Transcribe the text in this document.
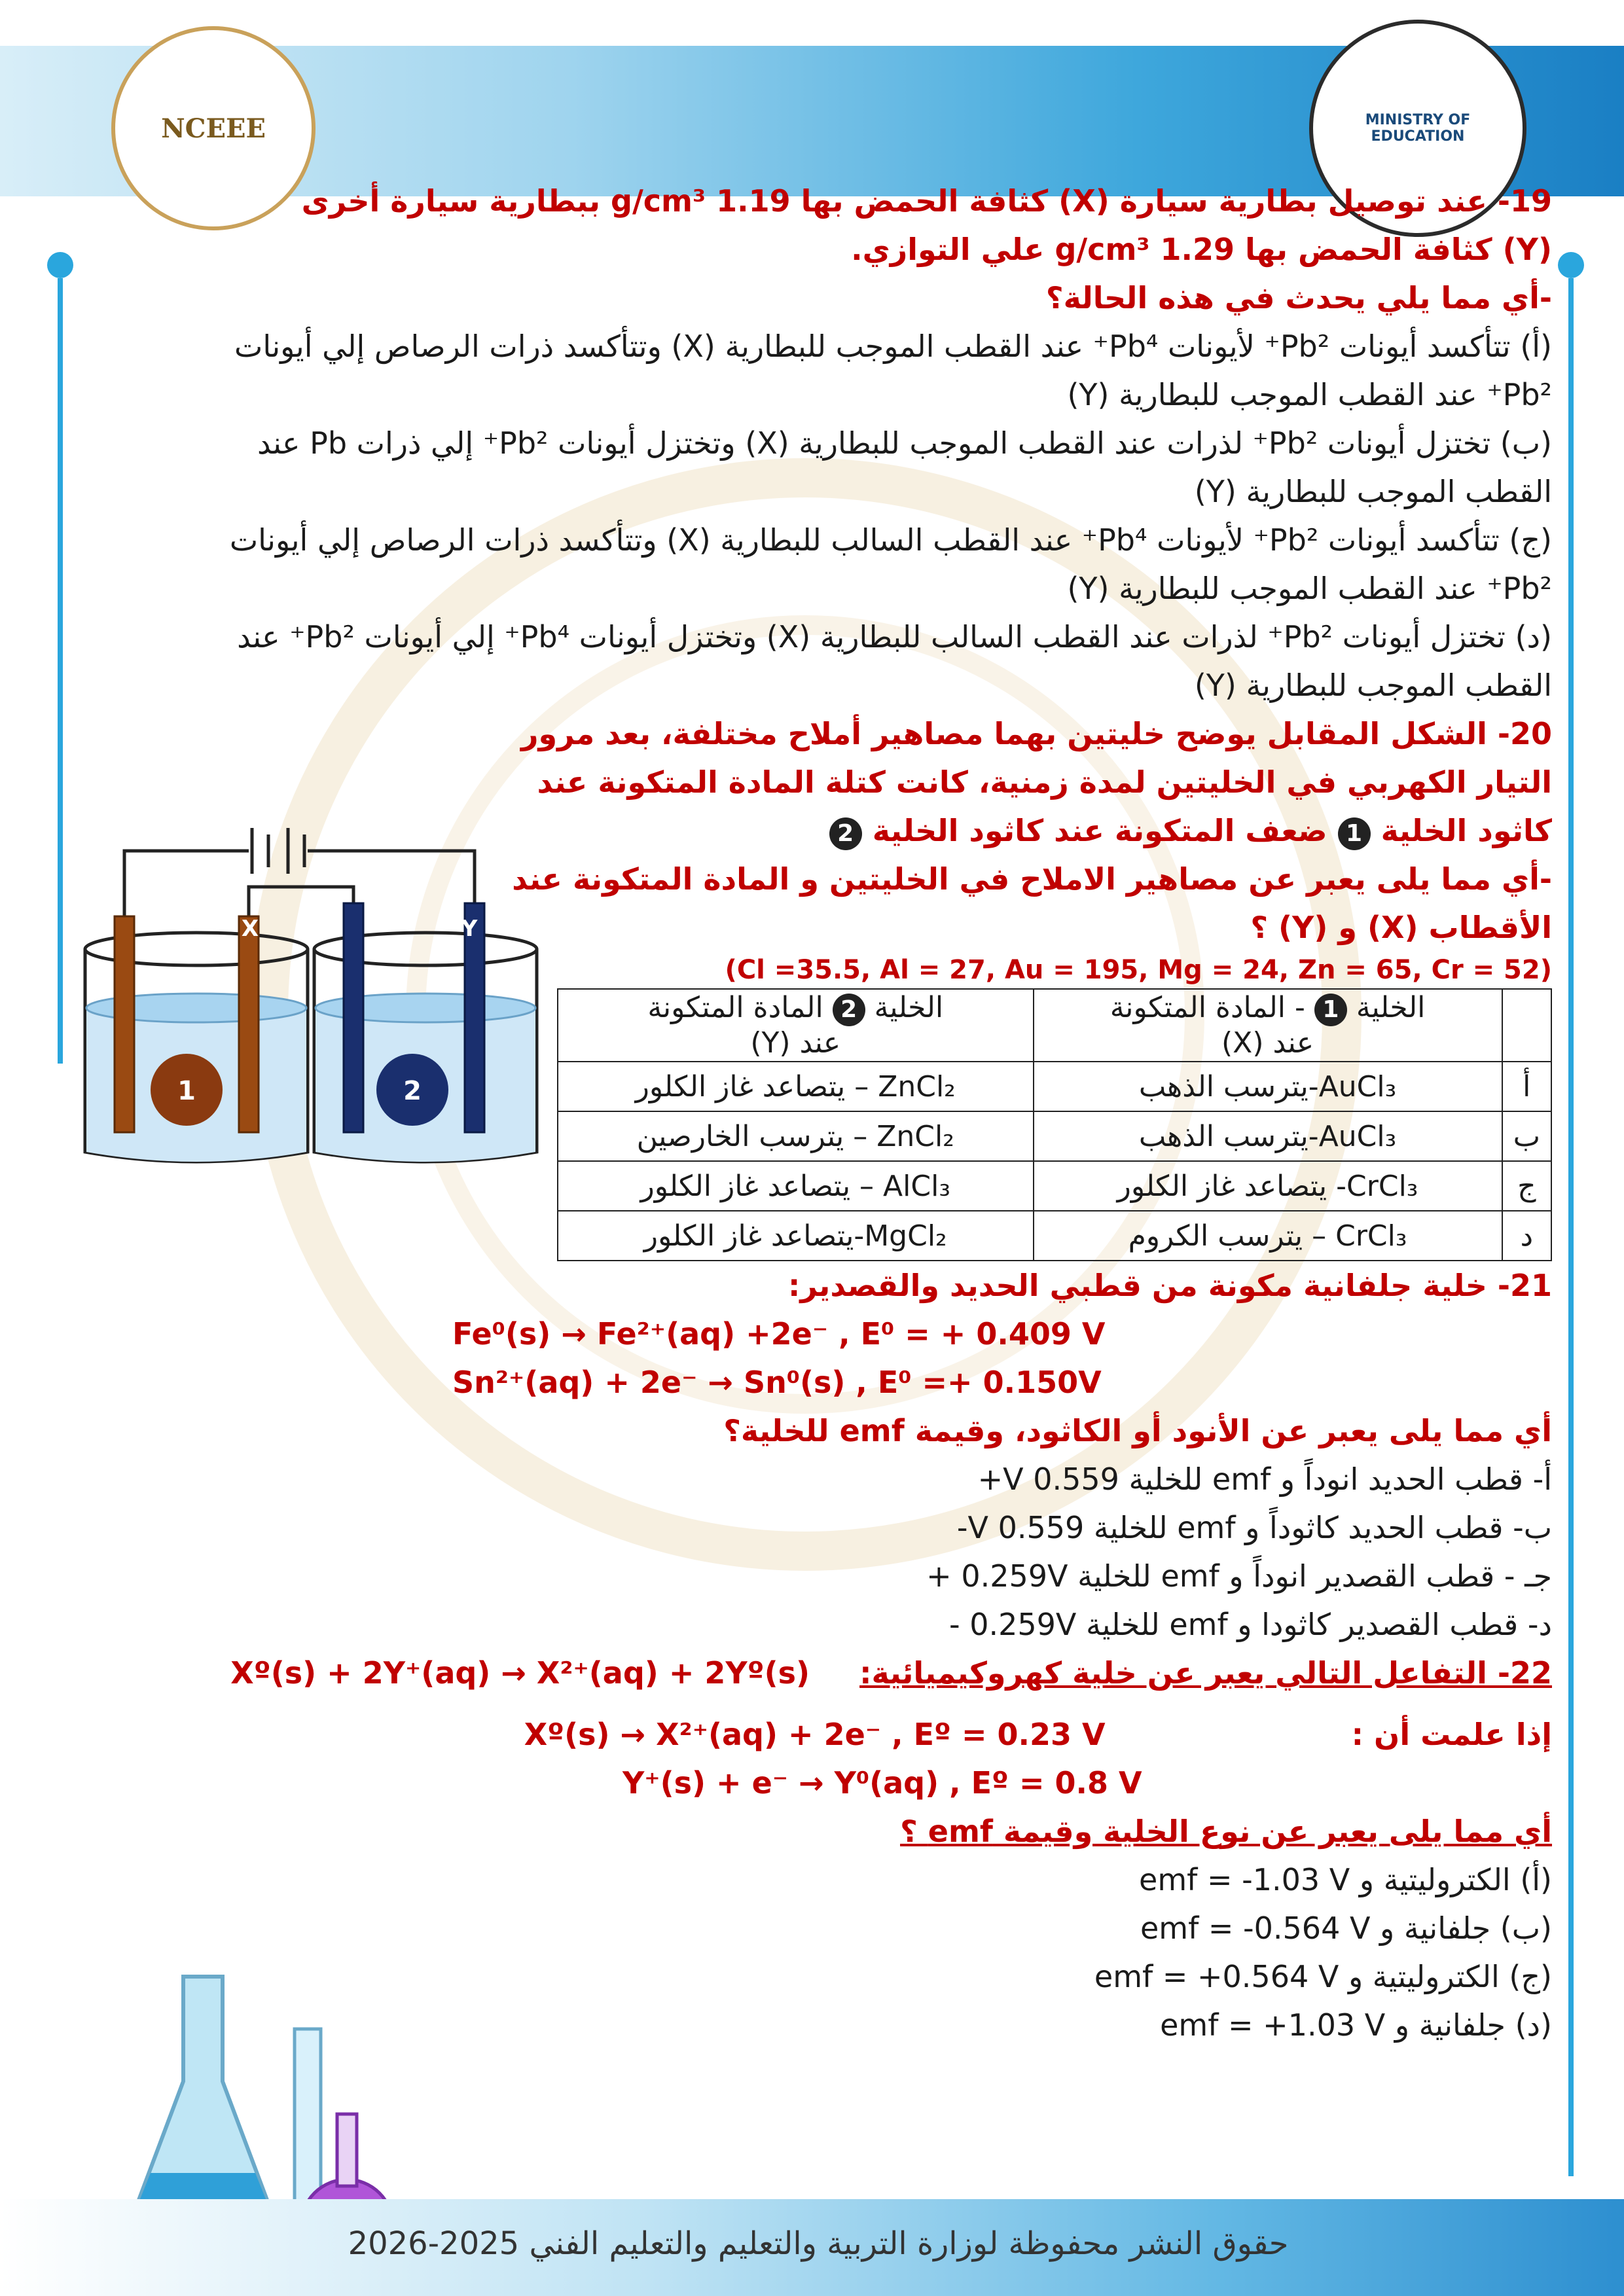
NCEEE	MINISTRY OF EDUCATION
1	2
X	Y
19- عند توصيل بطارية سيارة (X) كثافة الحمض بها 1.19 g/cm³ ببطارية سيارة أخرى
(Y) كثافة الحمض بها 1.29 g/cm³ علي التوازي.
-أي مما يلي يحدث في هذه الحالة؟
(أ) تتأكسد أيونات Pb²⁺ لأيونات Pb⁴⁺ عند القطب الموجب للبطارية (X) وتتأكسد ذرات الرصاص إلي أيونات
Pb²⁺ عند القطب الموجب للبطارية (Y)
(ب) تختزل أيونات Pb²⁺ لذرات عند القطب الموجب للبطارية (X) وتختزل أيونات Pb²⁺ إلي ذرات Pb عند
القطب الموجب للبطارية (Y)
(ج) تتأكسد أيونات Pb²⁺ لأيونات Pb⁴⁺ عند القطب السالب للبطارية (X) وتتأكسد ذرات الرصاص إلي أيونات
Pb²⁺ عند القطب الموجب للبطارية (Y)
(د) تختزل أيونات Pb²⁺ لذرات عند القطب السالب للبطارية (X) وتختزل أيونات Pb⁴⁺ إلي أيونات Pb²⁺ عند
القطب الموجب للبطارية (Y)
20- الشكل المقابل يوضح خليتين بهما مصاهير أملاح مختلفة، بعد مرور
التيار الكهربي في الخليتين لمدة زمنية، كانت كتلة المادة المتكونة عند
كاثود الخلية 1 ضعف المتكونة عند كاثود الخلية 2
-أي مما يلى يعبر عن مصاهير الاملاح في الخليتين و المادة المتكونة عند
الأقطاب (X) و (Y) ؟
(Cl =35.5, Al = 27, Au = 195, Mg = 24, Zn = 65, Cr = 52)
	الخلية 1 - المادة المتكونة
عند (X)	الخلية 2 المادة المتكونة
عند (Y)
أ	AuCl₃-يترسب الذهب	ZnCl₂ – يتصاعد غاز الكلور
ب	AuCl₃-يترسب الذهب	ZnCl₂ – يترسب الخارصين
ج	CrCl₃- يتصاعد غاز الكلور	AlCl₃ – يتصاعد غاز الكلور
د	CrCl₃ – يترسب الكروم	MgCl₂-يتصاعد غاز الكلور
21- خلية جلفانية مكونة من قطبي الحديد والقصدير:
Fe⁰(s) → Fe²⁺(aq) +2e⁻ , E⁰ = + 0.409 V
Sn²⁺(aq) + 2e⁻ → Sn⁰(s) , E⁰ =+ 0.150V
أي مما يلى يعبر عن الأنود أو الكاثود، وقيمة emf للخلية؟
أ- قطب الحديد انوداً و emf للخلية 0.559 V+
ب- قطب الحديد كاثوداً و emf للخلية 0.559 V-
جـ - قطب القصدير انوداً و emf للخلية 0.259V +
د- قطب القصدير كاثودا و emf للخلية 0.259V -
22- التفاعل التالي يعبر عن خلية كهروكيميائية: Xº(s) + 2Y⁺(aq) → X²⁺(aq) + 2Yº(s)
إذا علمت أن : Xº(s) → X²⁺(aq) + 2e⁻ , Eº = 0.23 V
Y⁺(s) + e⁻ → Y⁰(aq) , Eº = 0.8 V
أي مما يلى يعبر عن نوع الخلية وقيمة emf ؟
(أ) الكتروليتية و emf = -1.03 V
(ب) جلفانية و emf = -0.564 V
(ج) الكتروليتية و emf = +0.564 V
(د) جلفانية و emf = +1.03 V
حقوق النشر محفوظة لوزارة التربية والتعليم والتعليم الفني 2025-2026
